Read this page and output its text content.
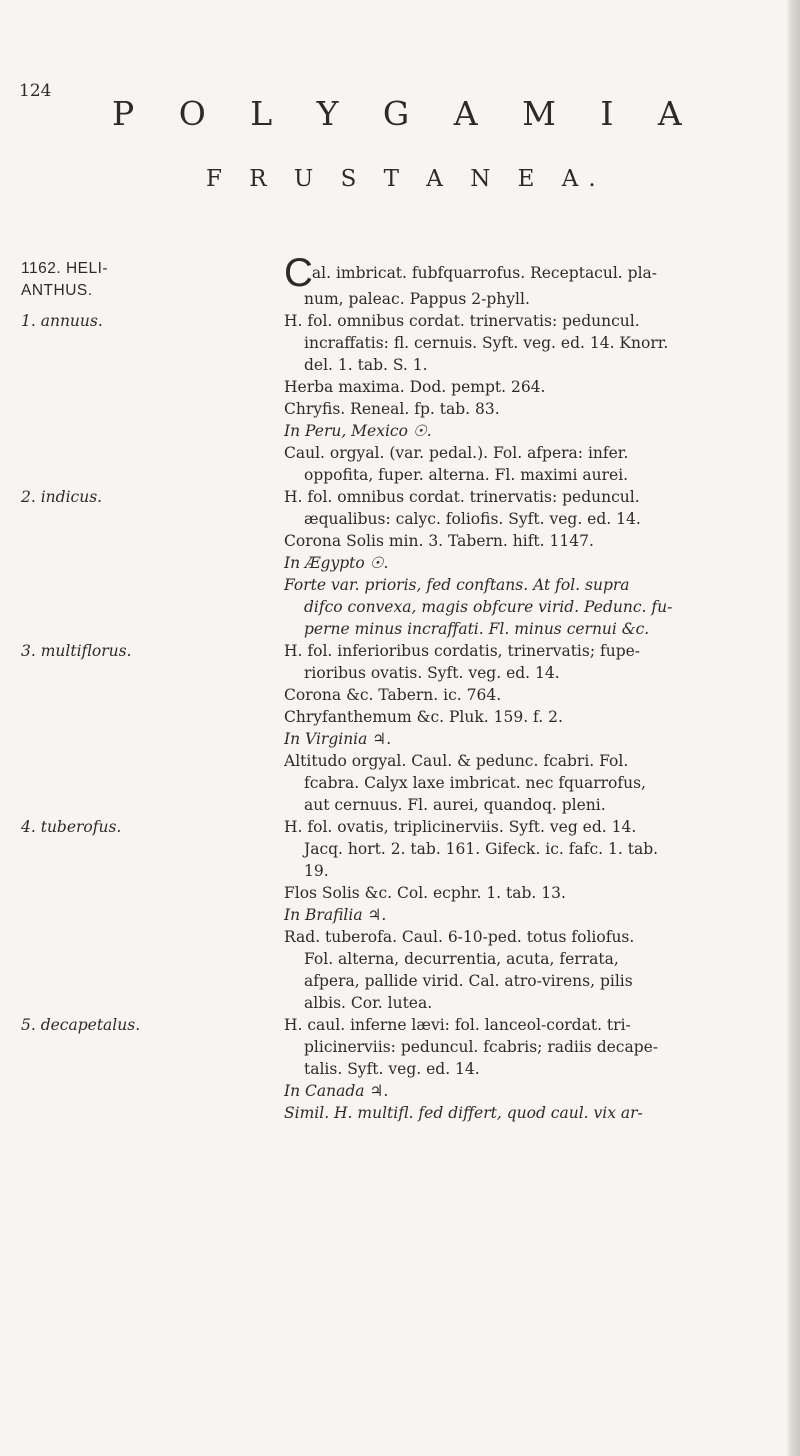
124
P O L Y G A M I A
F R U S T A N E A.
1162. HELI-
ANTHUS.	Cal. imbricat. fubfquarrofus. Receptacul. pla-
num, paleac. Pappus 2-phyll.
1. annuus.	H. fol. omnibus cordat. trinervatis: peduncul.
incraffatis: fl. cernuis. Syft. veg. ed. 14. Knorr.
del. 1. tab. S. 1.
Herba maxima. Dod. pempt. 264.
Chryfis. Reneal. fp. tab. 83.
In Peru, Mexico ☉.
Caul. orgyal. (var. pedal.). Fol. afpera: infer.
oppofita, fuper. alterna. Fl. maximi aurei.
2. indicus.	H. fol. omnibus cordat. trinervatis: peduncul.
æqualibus: calyc. foliofis. Syft. veg. ed. 14.
Corona Solis min. 3. Tabern. hift. 1147.
In Ægypto ☉.
Forte var. prioris, fed conftans. At fol. supra
difco convexa, magis obfcure virid. Pedunc. fu-
perne minus incraffati. Fl. minus cernui &c.
3. multiflorus.	H. fol. inferioribus cordatis, trinervatis; fupe-
rioribus ovatis. Syft. veg. ed. 14.
Corona &c. Tabern. ic. 764.
Chryfanthemum &c. Pluk. 159. f. 2.
In Virginia ♃.
Altitudo orgyal. Caul. & pedunc. fcabri. Fol.
fcabra. Calyx laxe imbricat. nec fquarrofus,
aut cernuus. Fl. aurei, quandoq. pleni.
4. tuberofus.	H. fol. ovatis, triplicinerviis. Syft. veg ed. 14.
Jacq. hort. 2. tab. 161. Gifeck. ic. fafc. 1. tab.
19.
Flos Solis &c. Col. ecphr. 1. tab. 13.
In Brafilia ♃.
Rad. tuberofa. Caul. 6-10-ped. totus foliofus.
Fol. alterna, decurrentia, acuta, ferrata,
afpera, pallide virid. Cal. atro-virens, pilis
albis. Cor. lutea.
5. decapetalus.	H. caul. inferne lævi: fol. lanceol-cordat. tri-
plicinerviis: peduncul. fcabris; radiis decape-
talis. Syft. veg. ed. 14.
In Canada ♃.
Simil. H. multifl. fed differt, quod caul. vix ar-
